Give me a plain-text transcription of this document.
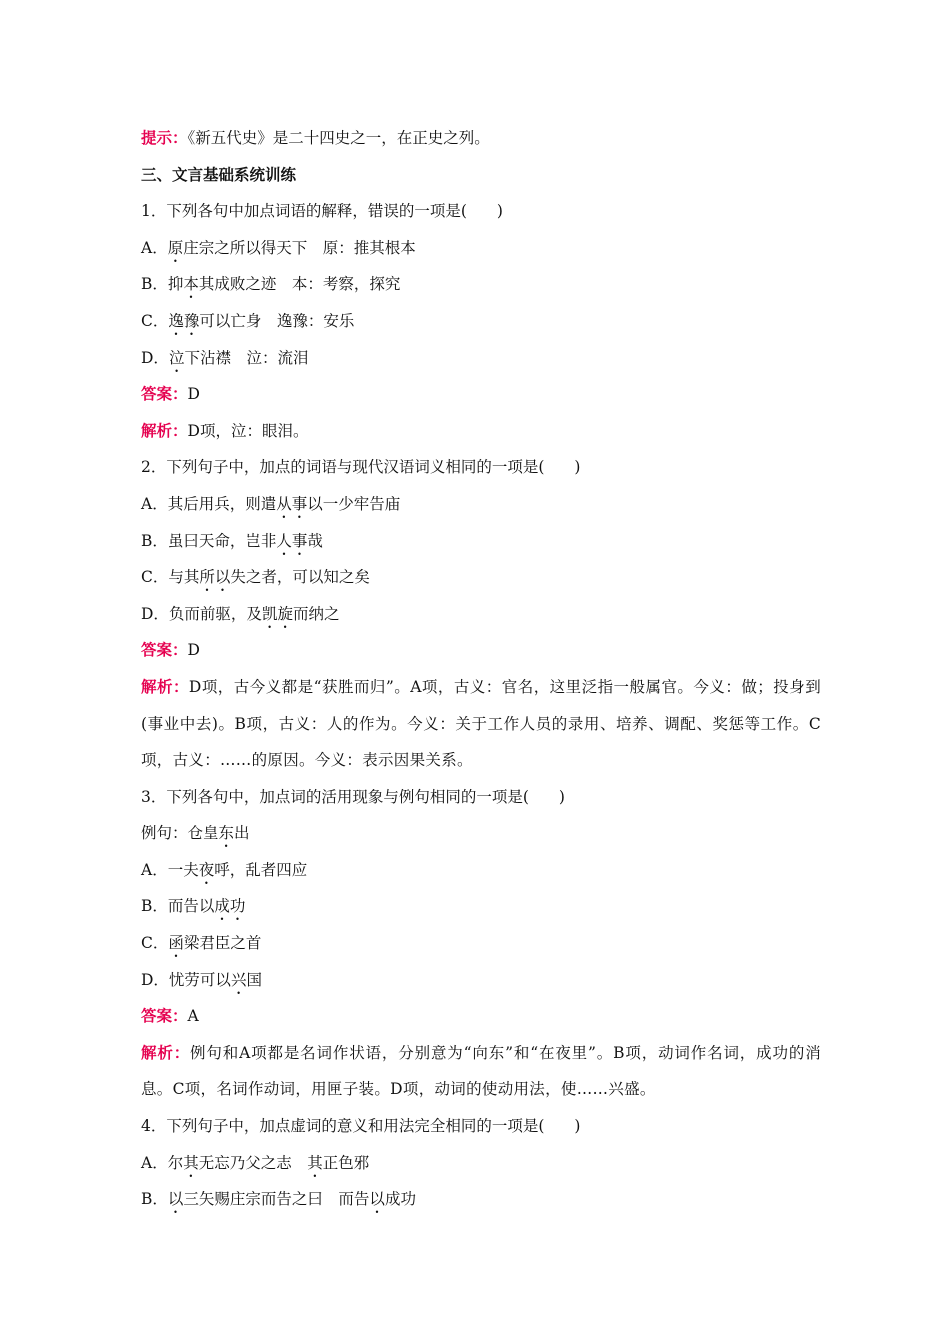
提示：《新五代史》是二十四史之一，在正史之列。
三、文言基础系统训练
1．下列各句中加点词语的解释，错误的一项是( )
A．原庄宗之所以得天下　原：推其根本
B．抑本其成败之迹　本：考察，探究
C．逸豫可以亡身　逸豫：安乐
D．泣下沾襟　泣：流泪
答案：D
解析：D项，泣：眼泪。
2．下列句子中，加点的词语与现代汉语词义相同的一项是( )
A．其后用兵，则遣从事以一少牢告庙
B．虽曰天命，岂非人事哉
C．与其所以失之者，可以知之矣
D．负而前驱，及凯旋而纳之
答案：D
解析：D项，古今义都是“获胜而归”。A项，古义：官名，这里泛指一般属官。今义：做；投身到(事业中去)。B项，古义：人的作为。今义：关于工作人员的录用、培养、调配、奖惩等工作。C项，古义：……的原因。今义：表示因果关系。
3．下列各句中，加点词的活用现象与例句相同的一项是( )
例句：仓皇东出
A．一夫夜呼，乱者四应
B．而告以成功
C．函梁君臣之首
D．忧劳可以兴国
答案：A
解析：例句和A项都是名词作状语，分别意为“向东”和“在夜里”。B项，动词作名词，成功的消息。C项，名词作动词，用匣子装。D项，动词的使动用法，使……兴盛。
4．下列句子中，加点虚词的意义和用法完全相同的一项是( )
A．尔其无忘乃父之志　其正色邪
B．以三矢赐庄宗而告之曰　而告以成功
